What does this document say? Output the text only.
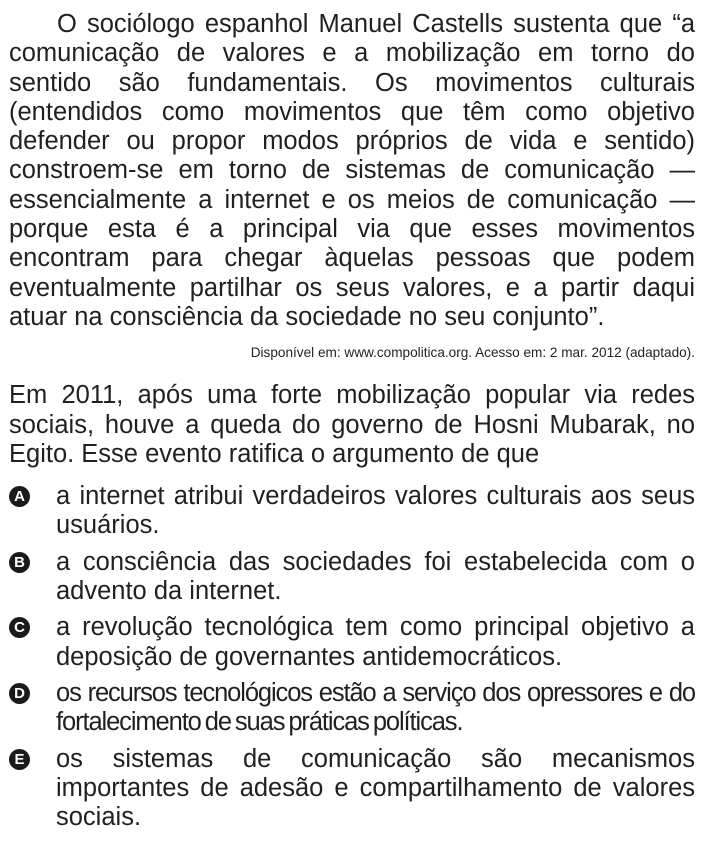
O sociólogo espanhol Manuel Castells sustenta que “a comunicação de valores e a mobilização em torno do sentido são fundamentais. Os movimentos culturais (entendidos como movimentos que têm como objetivo defender ou propor modos próprios de vida e sentido) constroem-se em torno de sistemas de comunicação — essencialmente a internet e os meios de comunicação — porque esta é a principal via que esses movimentos encontram para chegar àquelas pessoas que podem eventualmente partilhar os seus valores, e a partir daqui atuar na consciência da sociedade no seu conjunto”.

Disponível em: www.compolitica.org. Acesso em: 2 mar. 2012 (adaptado).

Em 2011, após uma forte mobilização popular via redes sociais, houve a queda do governo de Hosni Mubarak, no Egito. Esse evento ratifica o argumento de que

A a internet atribui verdadeiros valores culturais aos seus usuários.
B a consciência das sociedades foi estabelecida com o advento da internet.
C a revolução tecnológica tem como principal objetivo a deposição de governantes antidemocráticos.
D os recursos tecnológicos estão a serviço dos opressores e do fortalecimento de suas práticas políticas.
E os sistemas de comunicação são mecanismos importantes de adesão e compartilhamento de valores sociais.
